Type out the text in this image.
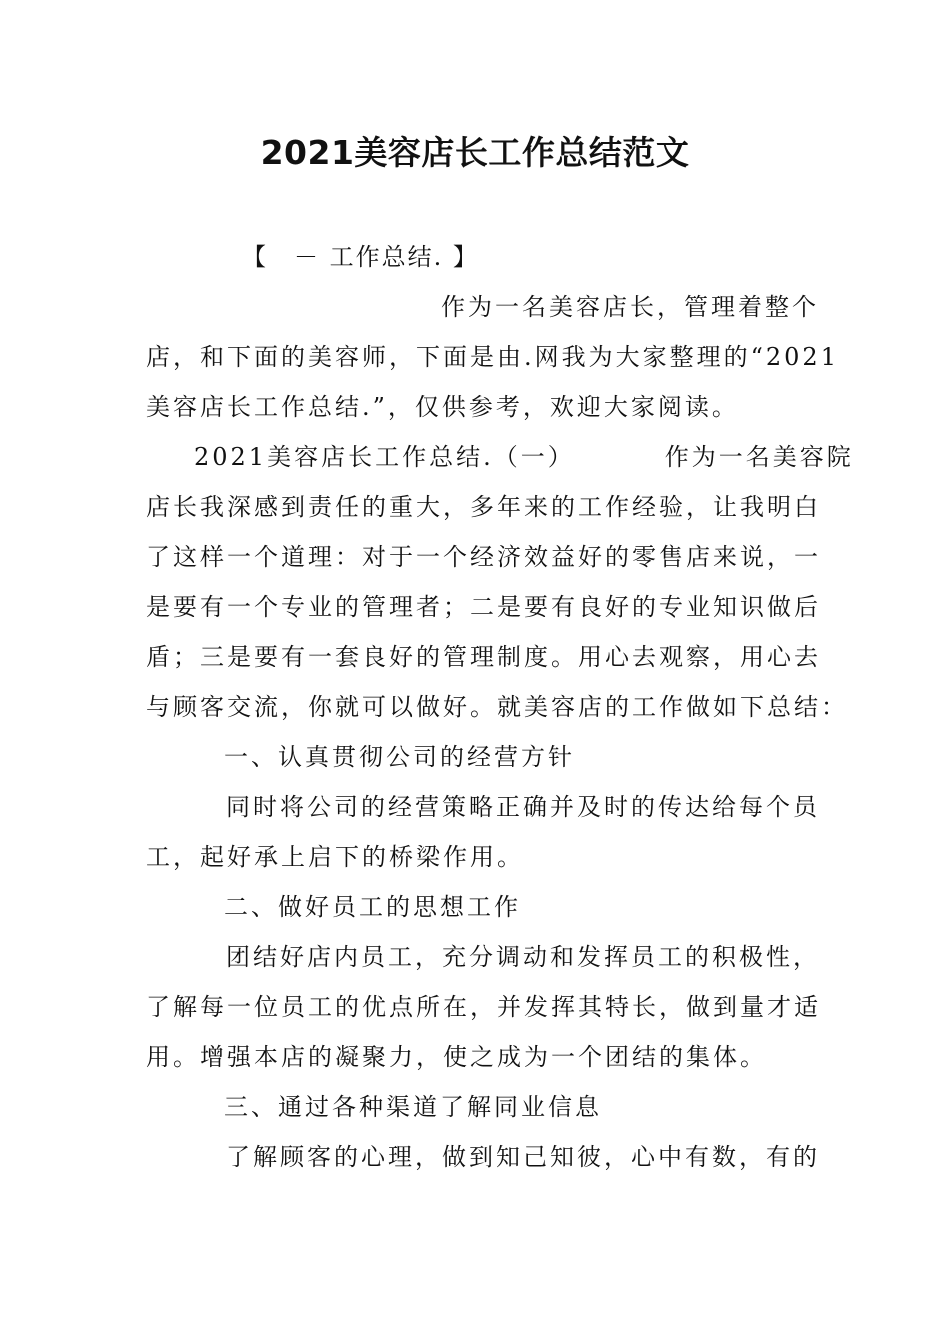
2021美容店长工作总结范文
【　－ 工作总结. 】
作为一名美容店长，管理着整个
店，和下面的美容师，下面是由.网我为大家整理的“2021
美容店长工作总结.”，仅供参考，欢迎大家阅读。
2021美容店长工作总结.（一）	作为一名美容院
店长我深感到责任的重大，多年来的工作经验，让我明白
了这样一个道理：对于一个经济效益好的零售店来说，一
是要有一个专业的管理者；二是要有良好的专业知识做后
盾；三是要有一套良好的管理制度。用心去观察，用心去
与顾客交流，你就可以做好。就美容店的工作做如下总结：
一、认真贯彻公司的经营方针
同时将公司的经营策略正确并及时的传达给每个员
工，起好承上启下的桥梁作用。
二、做好员工的思想工作
团结好店内员工，充分调动和发挥员工的积极性，
了解每一位员工的优点所在，并发挥其特长，做到量才适
用。增强本店的凝聚力，使之成为一个团结的集体。
三、通过各种渠道了解同业信息
了解顾客的心理，做到知己知彼，心中有数，有的
